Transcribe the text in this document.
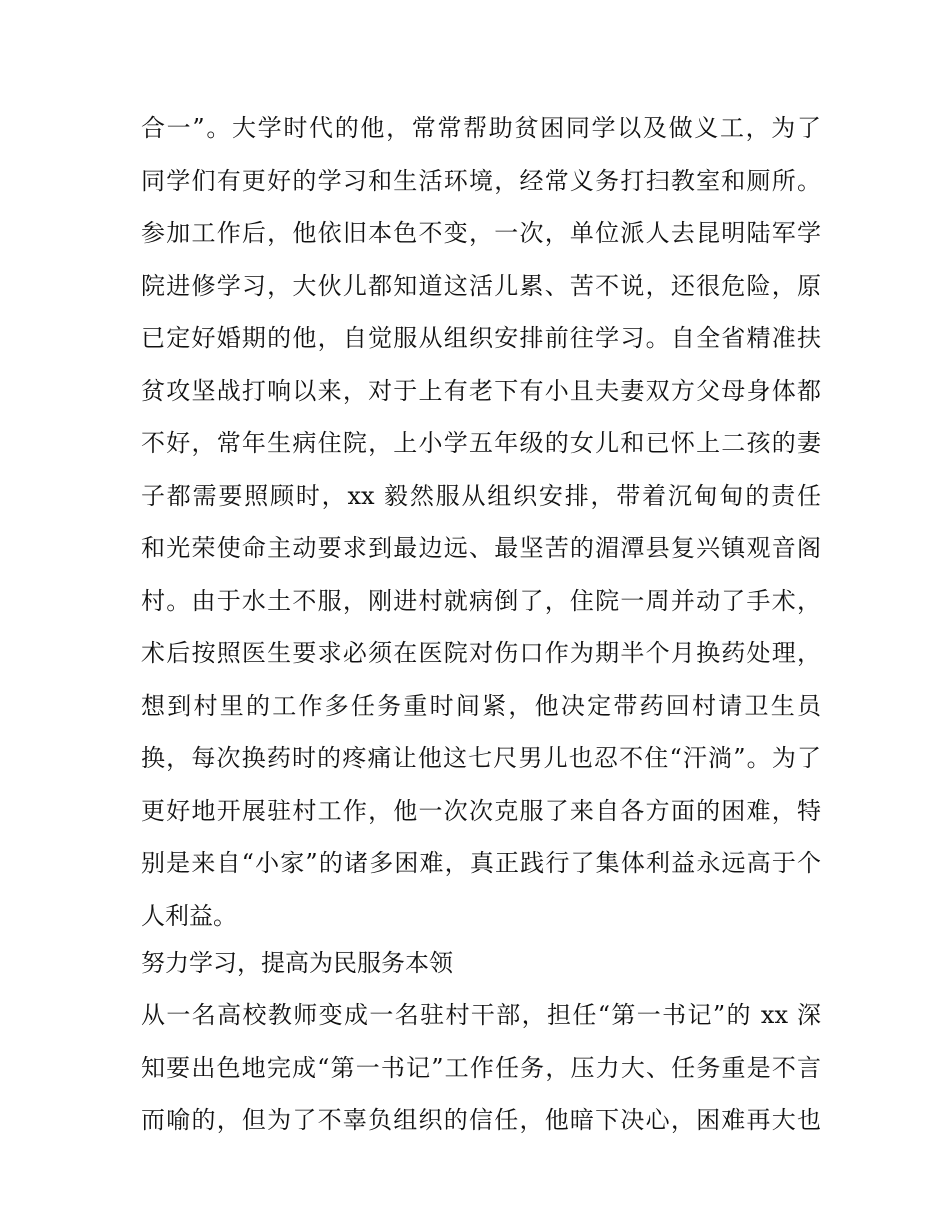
合一”。大学时代的他，常常帮助贫困同学以及做义工，为了
同学们有更好的学习和生活环境，经常义务打扫教室和厕所。
参加工作后，他依旧本色不变，一次，单位派人去昆明陆军学
院进修学习，大伙儿都知道这活儿累、苦不说，还很危险，原
已定好婚期的他，自觉服从组织安排前往学习。自全省精准扶
贫攻坚战打响以来，对于上有老下有小且夫妻双方父母身体都
不好，常年生病住院，上小学五年级的女儿和已怀上二孩的妻
子都需要照顾时，xx 毅然服从组织安排，带着沉甸甸的责任
和光荣使命主动要求到最边远、最坚苦的湄潭县复兴镇观音阁
村。由于水土不服，刚进村就病倒了，住院一周并动了手术，
术后按照医生要求必须在医院对伤口作为期半个月换药处理，
想到村里的工作多任务重时间紧，他决定带药回村请卫生员
换，每次换药时的疼痛让他这七尺男儿也忍不住“汗淌”。为了
更好地开展驻村工作，他一次次克服了来自各方面的困难，特
别是来自“小家”的诸多困难，真正践行了集体利益永远高于个
人利益。
努力学习，提高为民服务本领
从一名高校教师变成一名驻村干部，担任“第一书记”的 xx 深
知要出色地完成“第一书记”工作任务，压力大、任务重是不言
而喻的，但为了不辜负组织的信任，他暗下决心，困难再大也
